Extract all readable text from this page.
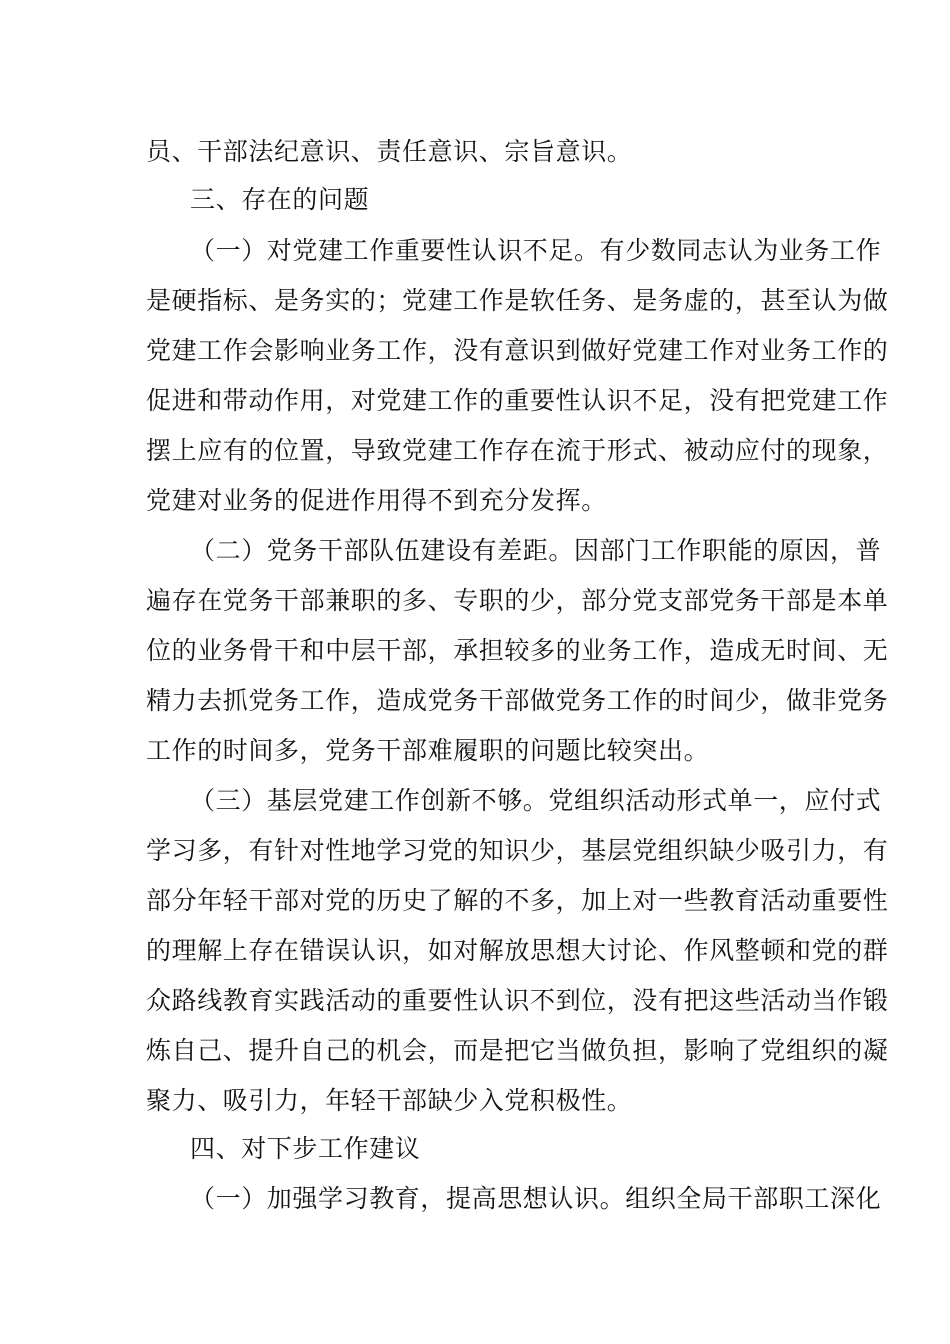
员、干部法纪意识、责任意识、宗旨意识。
三、存在的问题
（一）对党建工作重要性认识不足。有少数同志认为业务工作
是硬指标、是务实的；党建工作是软任务、是务虚的，甚至认为做
党建工作会影响业务工作，没有意识到做好党建工作对业务工作的
促进和带动作用，对党建工作的重要性认识不足，没有把党建工作
摆上应有的位置，导致党建工作存在流于形式、被动应付的现象，
党建对业务的促进作用得不到充分发挥。
（二）党务干部队伍建设有差距。因部门工作职能的原因，普
遍存在党务干部兼职的多、专职的少，部分党支部党务干部是本单
位的业务骨干和中层干部，承担较多的业务工作，造成无时间、无
精力去抓党务工作，造成党务干部做党务工作的时间少，做非党务
工作的时间多，党务干部难履职的问题比较突出。
（三）基层党建工作创新不够。党组织活动形式单一，应付式
学习多，有针对性地学习党的知识少，基层党组织缺少吸引力，有
部分年轻干部对党的历史了解的不多，加上对一些教育活动重要性
的理解上存在错误认识，如对解放思想大讨论、作风整顿和党的群
众路线教育实践活动的重要性认识不到位，没有把这些活动当作锻
炼自己、提升自己的机会，而是把它当做负担，影响了党组织的凝
聚力、吸引力，年轻干部缺少入党积极性。
四、对下步工作建议
（一）加强学习教育，提高思想认识。组织全局干部职工深化
